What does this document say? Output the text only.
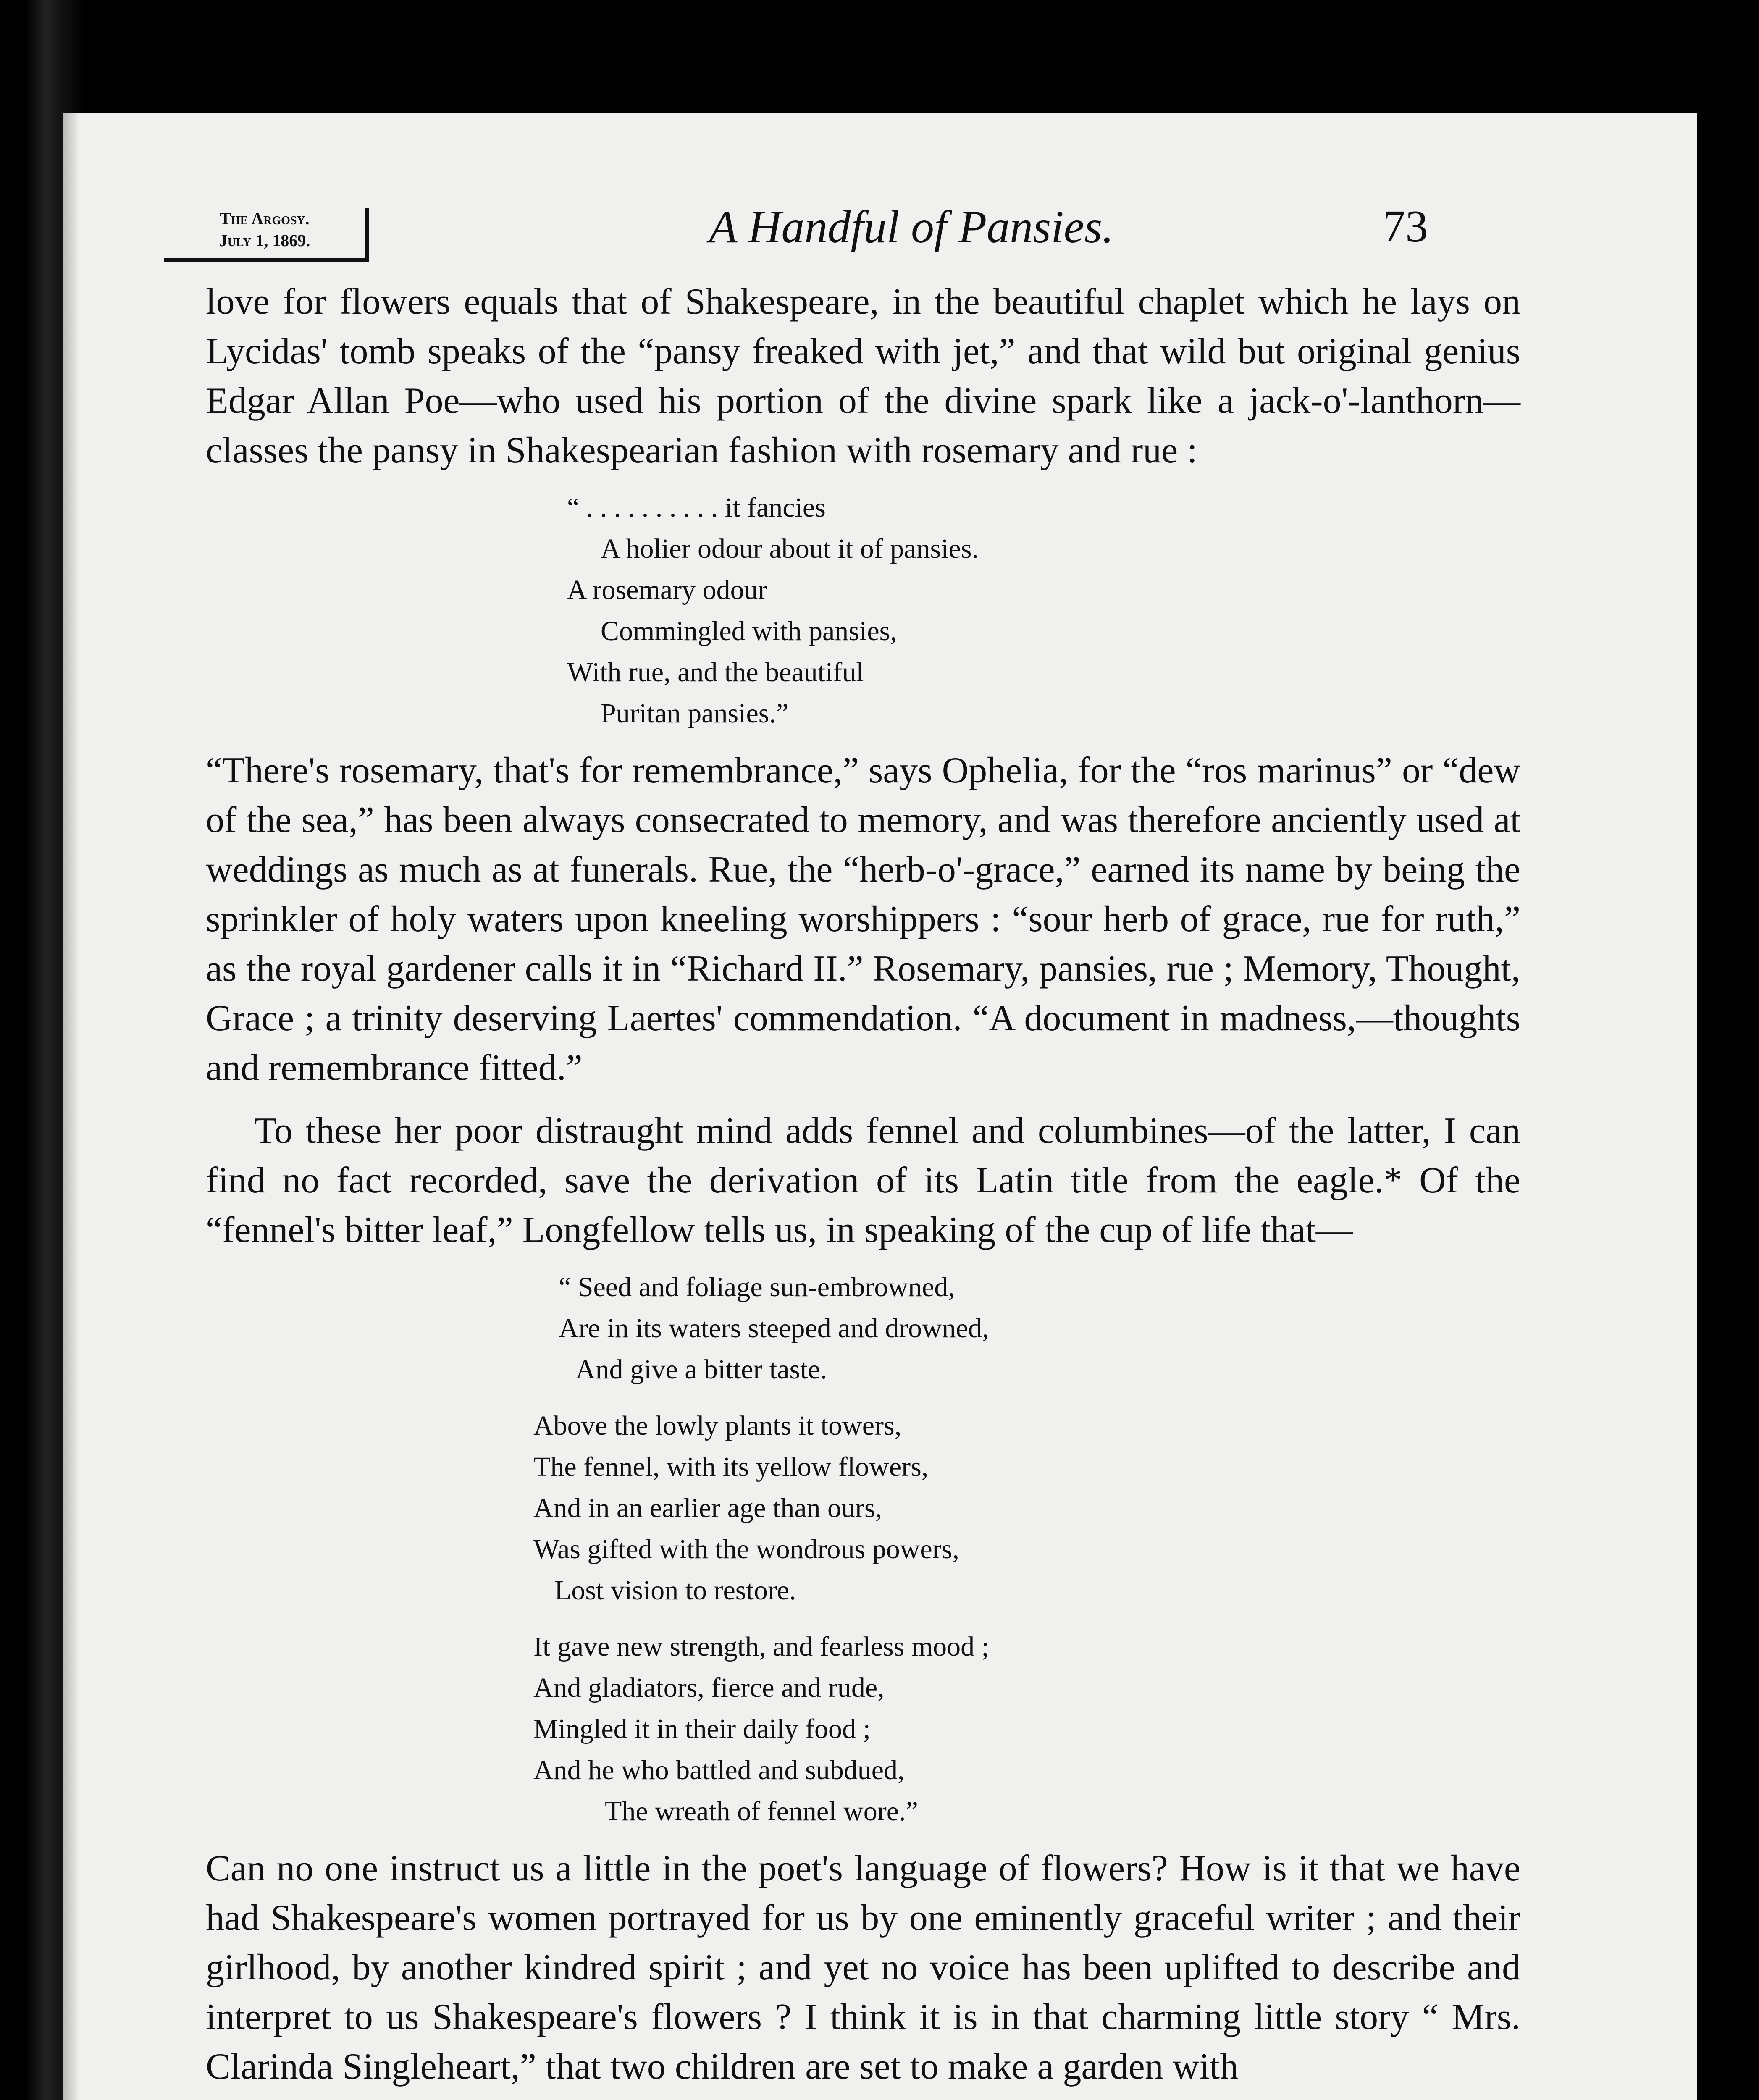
The Argosy.
July 1, 1869.	A Handful of Pansies.	73

love for flowers equals that of Shakespeare, in the beautiful chaplet which he lays on Lycidas' tomb speaks of the “pansy freaked with jet,” and that wild but original genius Edgar Allan Poe—who used his portion of the divine spark like a jack-o'-lanthorn—classes the pansy in Shakespearian fashion with rosemary and rue :

“ . . . . . . . . . . it fancies
A holier odour about it of pansies.
A rosemary odour
Commingled with pansies,
With rue, and the beautiful
Puritan pansies.”

“There's rosemary, that's for remembrance,” says Ophelia, for the “ros marinus” or “dew of the sea,” has been always consecrated to memory, and was therefore anciently used at weddings as much as at funerals. Rue, the “herb-o'-grace,” earned its name by being the sprinkler of holy waters upon kneeling worshippers : “sour herb of grace, rue for ruth,” as the royal gardener calls it in “Richard II.” Rosemary, pansies, rue ; Memory, Thought, Grace ; a trinity deserving Laertes' commendation. “A document in madness,—thoughts and remembrance fitted.”

To these her poor distraught mind adds fennel and columbines—of the latter, I can find no fact recorded, save the derivation of its Latin title from the eagle.* Of the “fennel's bitter leaf,” Longfellow tells us, in speaking of the cup of life that—

“ Seed and foliage sun-embrowned,
Are in its waters steeped and drowned,
And give a bitter taste.
Above the lowly plants it towers,
The fennel, with its yellow flowers,
And in an earlier age than ours,
Was gifted with the wondrous powers,
Lost vision to restore.
It gave new strength, and fearless mood ;
And gladiators, fierce and rude,
Mingled it in their daily food ;
And he who battled and subdued,
The wreath of fennel wore.”

Can no one instruct us a little in the poet's language of flowers? How is it that we have had Shakespeare's women portrayed for us by one eminently graceful writer ; and their girlhood, by another kindred spirit ; and yet no voice has been uplifted to describe and interpret to us Shakespeare's flowers ? I think it is in that charming little story “ Mrs. Clarinda Singleheart,” that two children are set to make a garden with
